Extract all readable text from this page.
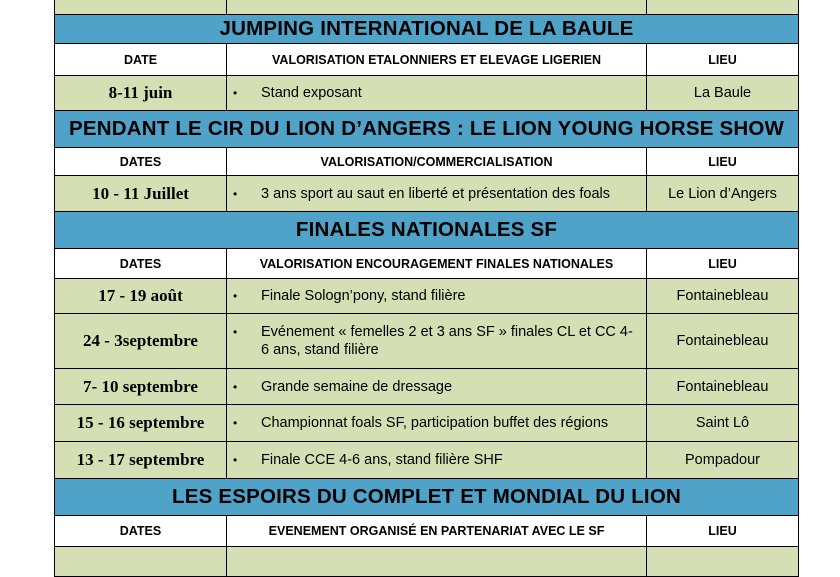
JUMPING INTERNATIONAL DE LA BAULE		
DATE	VALORISATION ETALONNIERS ET ELEVAGE LIGERIEN	LIEU
8-11 juin	• Stand exposant	La Baule
PENDANT LE CIR DU LION D’ANGERS : LE LION YOUNG HORSE SHOW		
DATES	VALORISATION/COMMERCIALISATION	LIEU
10 - 11 Juillet	• 3 ans sport au saut en liberté et présentation des foals	Le Lion d’Angers
FINALES NATIONALES SF		
DATES	VALORISATION ENCOURAGEMENT FINALES NATIONALES	LIEU
17 - 19 août	• Finale Sologn’pony, stand filière	Fontainebleau
24 - 3septembre	• Evénement « femelles 2 et 3 ans SF » finales CL et CC 4-6 ans, stand filière	Fontainebleau
7- 10 septembre	• Grande semaine de dressage	Fontainebleau
15 - 16 septembre	• Championnat foals SF, participation buffet des régions	Saint Lô
13 - 17 septembre	• Finale CCE 4-6 ans, stand filière SHF	Pompadour
LES ESPOIRS DU COMPLET ET MONDIAL DU LION		
DATES	EVENEMENT ORGANISÉ EN PARTENARIAT AVEC LE SF	LIEU
